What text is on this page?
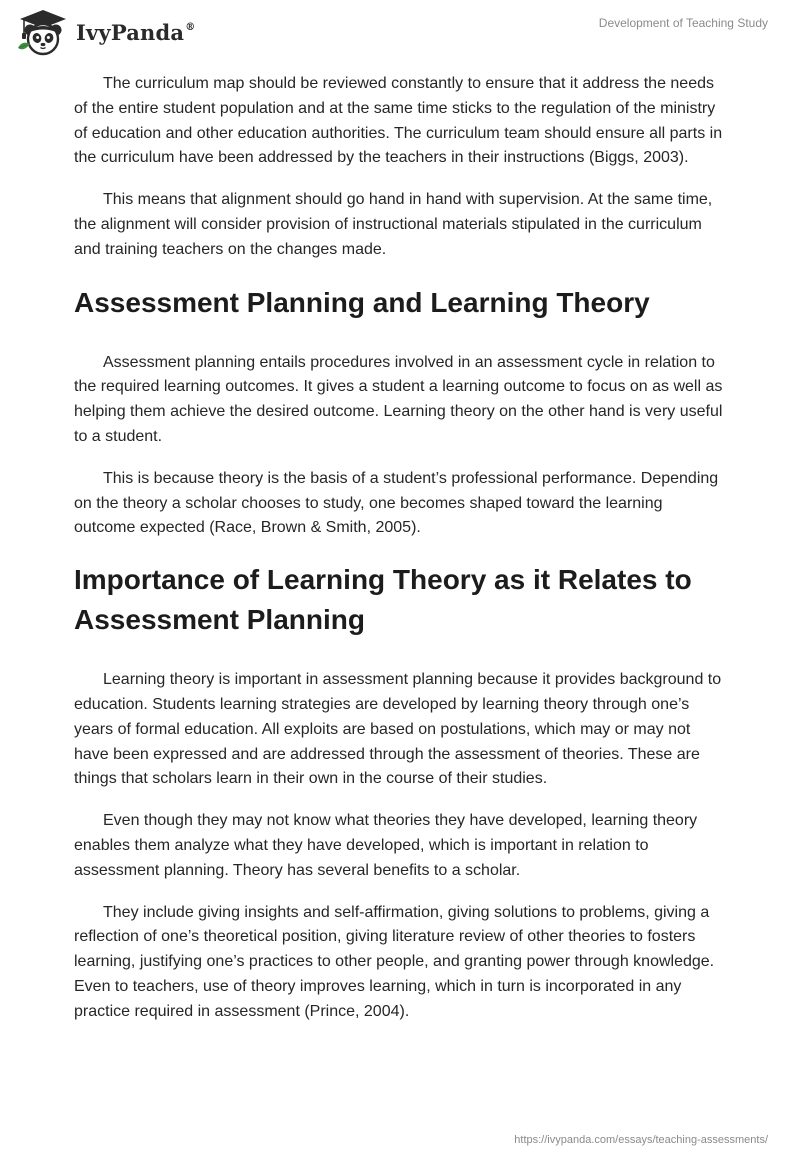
IvyPanda®	Development of Teaching Study

The curriculum map should be reviewed constantly to ensure that it address the needs of the entire student population and at the same time sticks to the regulation of the ministry of education and other education authorities. The curriculum team should ensure all parts in the curriculum have been addressed by the teachers in their instructions (Biggs, 2003).

This means that alignment should go hand in hand with supervision. At the same time, the alignment will consider provision of instructional materials stipulated in the curriculum and training teachers on the changes made.

Assessment Planning and Learning Theory

Assessment planning entails procedures involved in an assessment cycle in relation to the required learning outcomes. It gives a student a learning outcome to focus on as well as helping them achieve the desired outcome. Learning theory on the other hand is very useful to a student.

This is because theory is the basis of a student’s professional performance. Depending on the theory a scholar chooses to study, one becomes shaped toward the learning outcome expected (Race, Brown & Smith, 2005).

Importance of Learning Theory as it Relates to Assessment Planning

Learning theory is important in assessment planning because it provides background to education. Students learning strategies are developed by learning theory through one’s years of formal education. All exploits are based on postulations, which may or may not have been expressed and are addressed through the assessment of theories. These are things that scholars learn in their own in the course of their studies.

Even though they may not know what theories they have developed, learning theory enables them analyze what they have developed, which is important in relation to assessment planning. Theory has several benefits to a scholar.

They include giving insights and self-affirmation, giving solutions to problems, giving a reflection of one’s theoretical position, giving literature review of other theories to fosters learning, justifying one’s practices to other people, and granting power through knowledge. Even to teachers, use of theory improves learning, which in turn is incorporated in any practice required in assessment (Prince, 2004).

https://ivypanda.com/essays/teaching-assessments/
